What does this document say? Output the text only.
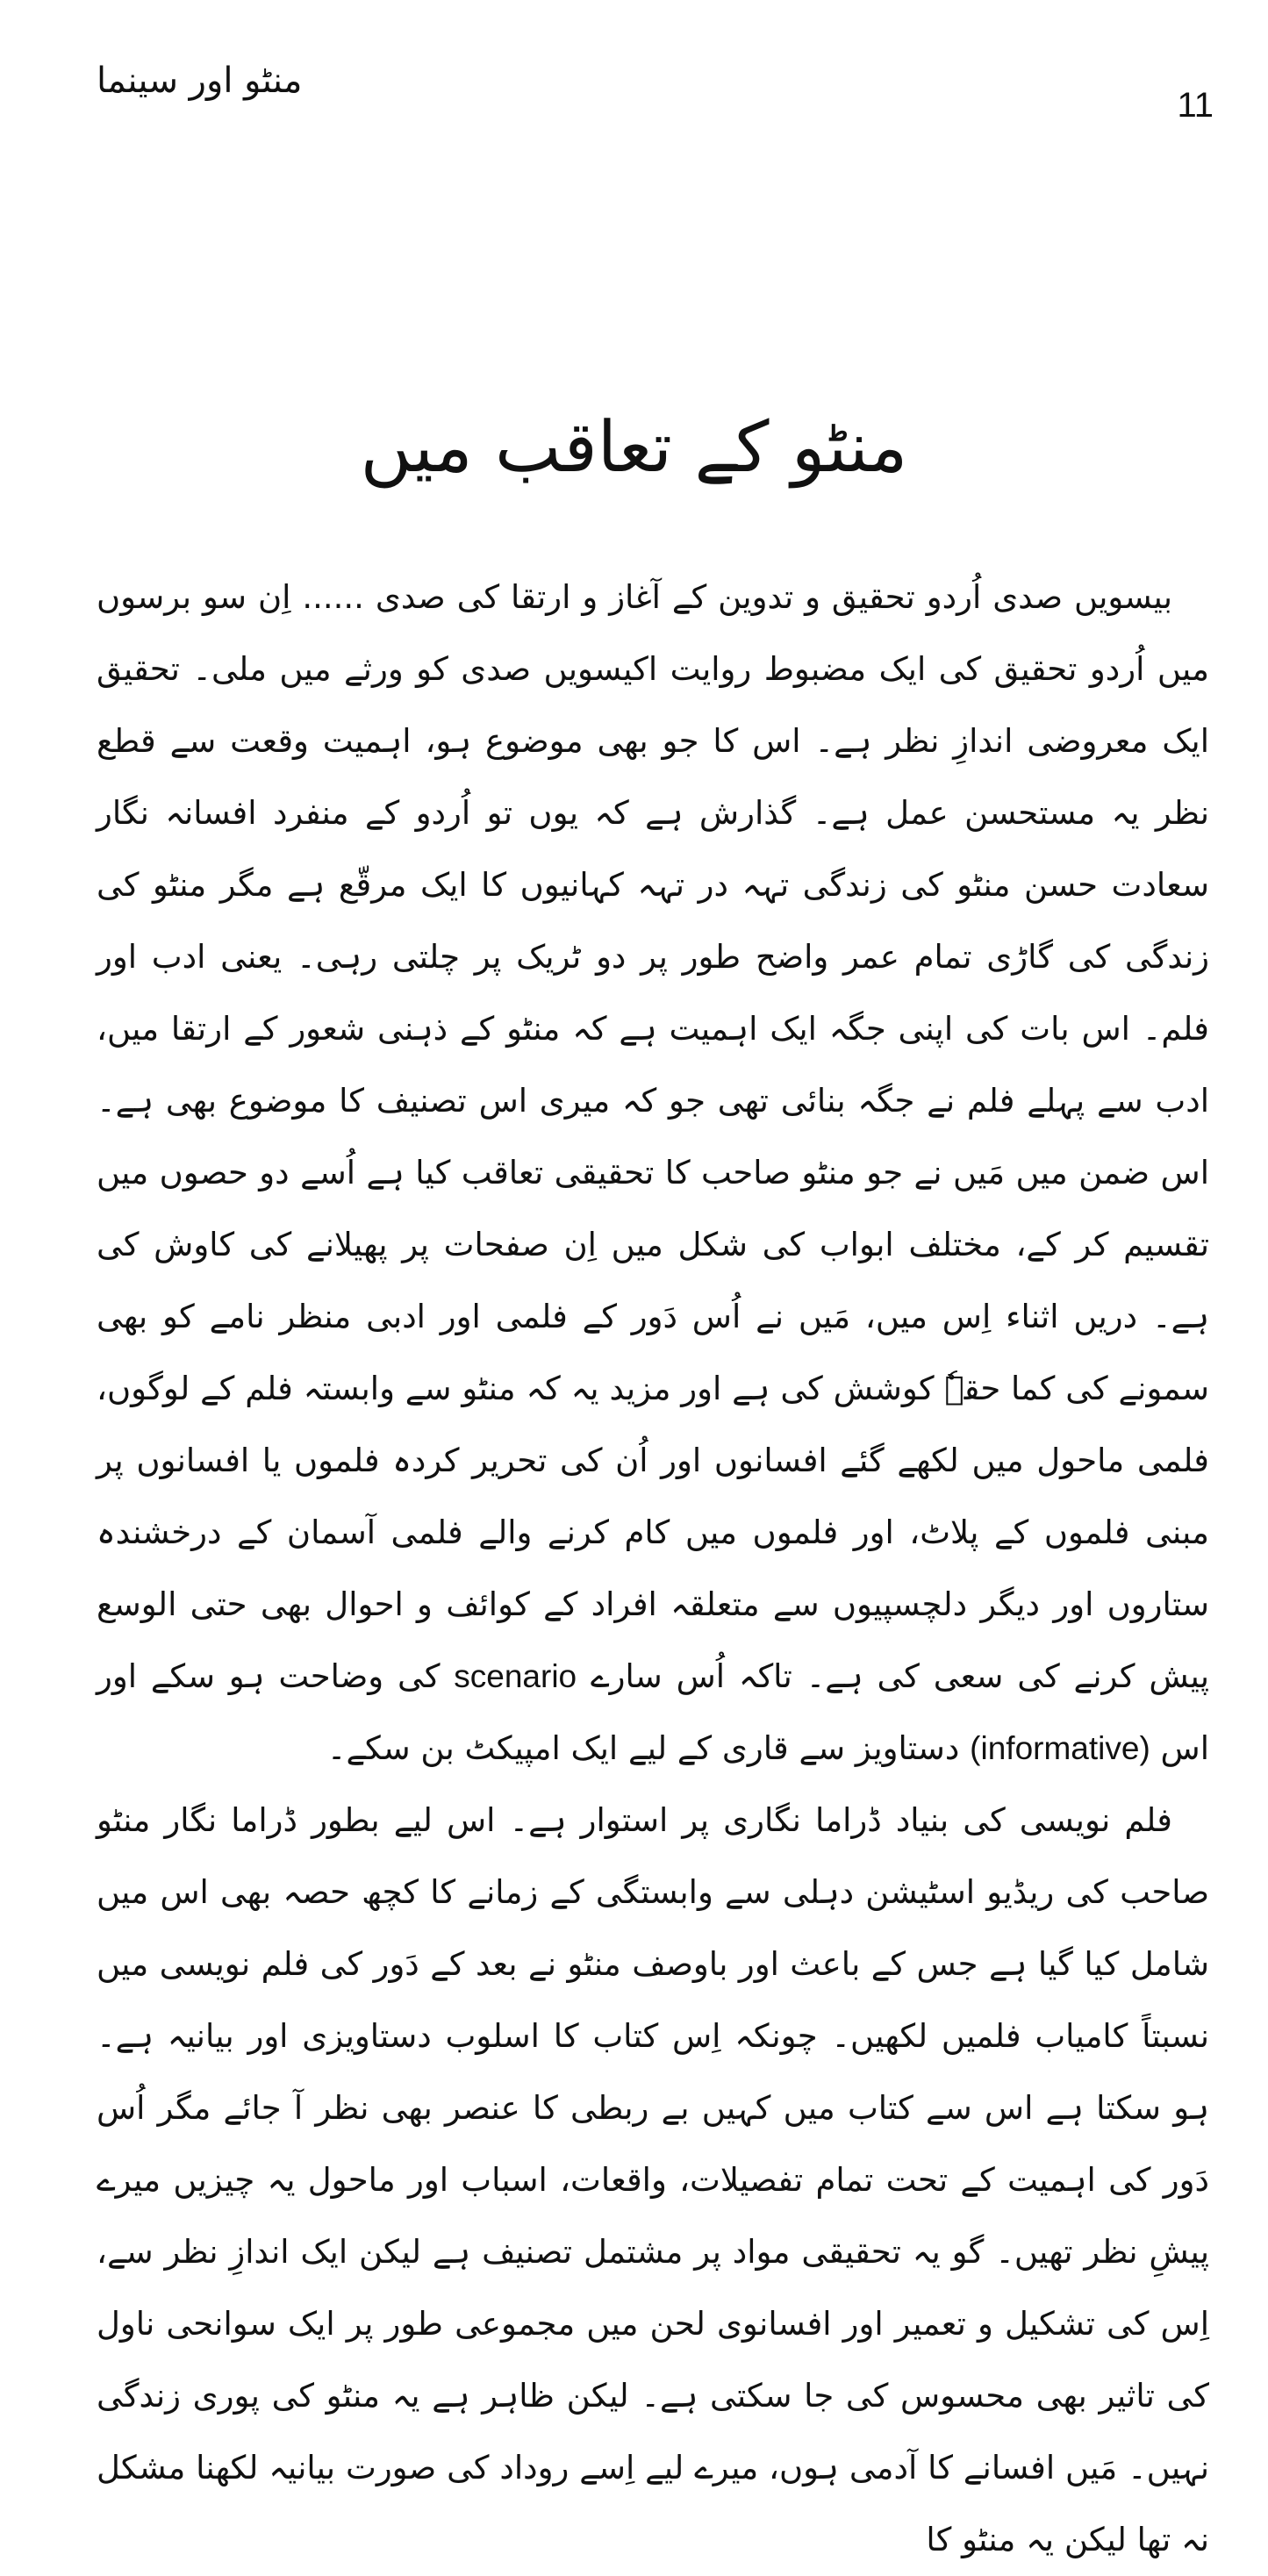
منٹو اور سینما
11
منٹو کے تعاقب میں

بیسویں صدی اُردو تحقیق و تدوین کے آغاز و ارتقا کی صدی ...... اِن سو برسوں میں اُردو تحقیق کی ایک مضبوط روایت اکیسویں صدی کو ورثے میں ملی۔ تحقیق ایک معروضی اندازِ نظر ہے۔ اس کا جو بھی موضوع ہو، اہمیت وقعت سے قطع نظر یہ مستحسن عمل ہے۔ گذارش ہے کہ یوں تو اُردو کے منفرد افسانہ نگار سعادت حسن منٹو کی زندگی تہہ در تہہ کہانیوں کا ایک مرقّع ہے مگر منٹو کی زندگی کی گاڑی تمام عمر واضح طور پر دو ٹریک پر چلتی رہی۔ یعنی ادب اور فلم۔ اس بات کی اپنی جگہ ایک اہمیت ہے کہ منٹو کے ذہنی شعور کے ارتقا میں، ادب سے پہلے فلم نے جگہ بنائی تھی جو کہ میری اس تصنیف کا موضوع بھی ہے۔ اس ضمن میں مَیں نے جو منٹو صاحب کا تحقیقی تعاقب کیا ہے اُسے دو حصوں میں تقسیم کر کے، مختلف ابواب کی شکل میں اِن صفحات پر پھیلانے کی کاوش کی ہے۔ دریں اثناء اِس میں، مَیں نے اُس دَور کے فلمی اور ادبی منظر نامے کو بھی سمونے کی کما حقہٗ کوشش کی ہے اور مزید یہ کہ منٹو سے وابستہ فلم کے لوگوں، فلمی ماحول میں لکھے گئے افسانوں اور اُن کی تحریر کردہ فلموں یا افسانوں پر مبنی فلموں کے پلاٹ، اور فلموں میں کام کرنے والے فلمی آسمان کے درخشندہ ستاروں اور دیگر دلچسپیوں سے متعلقہ افراد کے کوائف و احوال بھی حتی الوسع پیش کرنے کی سعی کی ہے۔ تاکہ اُس سارے scenario کی وضاحت ہو سکے اور اس (informative) دستاویز سے قاری کے لیے ایک امپیکٹ بن سکے۔

فلم نویسی کی بنیاد ڈراما نگاری پر استوار ہے۔ اس لیے بطور ڈراما نگار منٹو صاحب کی ریڈیو اسٹیشن دہلی سے وابستگی کے زمانے کا کچھ حصہ بھی اس میں شامل کیا گیا ہے جس کے باعث اور باوصف منٹو نے بعد کے دَور کی فلم نویسی میں نسبتاً کامیاب فلمیں لکھیں۔ چونکہ اِس کتاب کا اسلوب دستاویزی اور بیانیہ ہے۔ ہو سکتا ہے اس سے کتاب میں کہیں بے ربطی کا عنصر بھی نظر آ جائے مگر اُس دَور کی اہمیت کے تحت تمام تفصیلات، واقعات، اسباب اور ماحول یہ چیزیں میرے پیشِ نظر تھیں۔ گو یہ تحقیقی مواد پر مشتمل تصنیف ہے لیکن ایک اندازِ نظر سے، اِس کی تشکیل و تعمیر اور افسانوی لحن میں مجموعی طور پر ایک سوانحی ناول کی تاثیر بھی محسوس کی جا سکتی ہے۔ لیکن ظاہر ہے یہ منٹو کی پوری زندگی نہیں۔ مَیں افسانے کا آدمی ہوں، میرے لیے اِسے روداد کی صورت بیانیہ لکھنا مشکل نہ تھا لیکن یہ منٹو کا
